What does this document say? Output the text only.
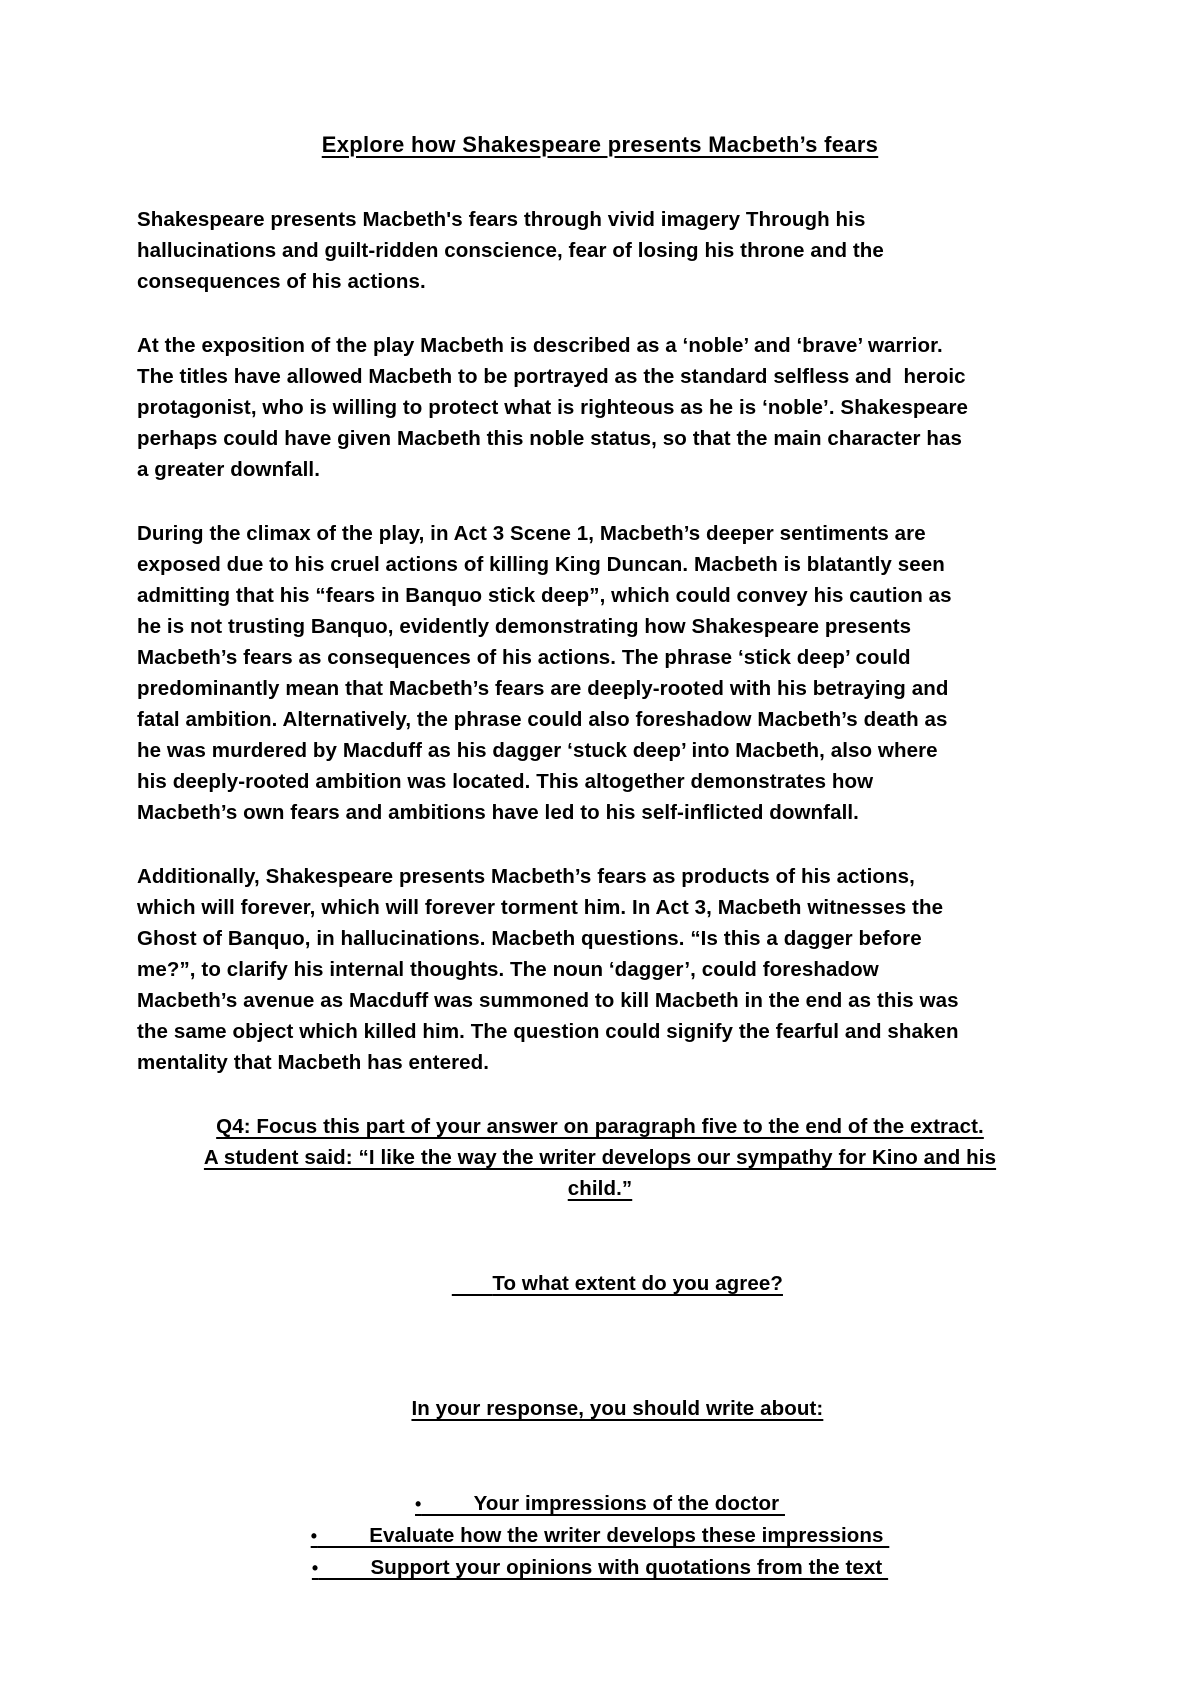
Explore how Shakespeare presents Macbeth’s fears
Shakespeare presents Macbeth's fears through vivid imagery Through his
hallucinations and guilt-ridden conscience, fear of losing his throne and the
consequences of his actions.
At the exposition of the play Macbeth is described as a ‘noble’ and ‘brave’ warrior.
The titles have allowed Macbeth to be portrayed as the standard selfless and  heroic
protagonist, who is willing to protect what is righteous as he is ‘noble’. Shakespeare
perhaps could have given Macbeth this noble status, so that the main character has
a greater downfall.
During the climax of the play, in Act 3 Scene 1, Macbeth’s deeper sentiments are
exposed due to his cruel actions of killing King Duncan. Macbeth is blatantly seen
admitting that his “fears in Banquo stick deep”, which could convey his caution as
he is not trusting Banquo, evidently demonstrating how Shakespeare presents
Macbeth’s fears as consequences of his actions. The phrase ‘stick deep’ could
predominantly mean that Macbeth’s fears are deeply-rooted with his betraying and
fatal ambition. Alternatively, the phrase could also foreshadow Macbeth’s death as
he was murdered by Macduff as his dagger ‘stuck deep’ into Macbeth, also where
his deeply-rooted ambition was located. This altogether demonstrates how
Macbeth’s own fears and ambitions have led to his self-inflicted downfall.
Additionally, Shakespeare presents Macbeth’s fears as products of his actions,
which will forever, which will forever torment him. In Act 3, Macbeth witnesses the
Ghost of Banquo, in hallucinations. Macbeth questions. “Is this a dagger before
me?”, to clarify his internal thoughts. The noun ‘dagger’, could foreshadow
Macbeth’s avenue as Macduff was summoned to kill Macbeth in the end as this was
the same object which killed him. The question could signify the fearful and shaken
mentality that Macbeth has entered.
Q4: Focus this part of your answer on paragraph five to the end of the extract.
A student said: “I like the way the writer develops our sympathy for Kino and his
child.”

To what extent do you agree?

In your response, you should write about:

•         Your impressions of the doctor
•         Evaluate how the writer develops these impressions
•         Support your opinions with quotations from the text
